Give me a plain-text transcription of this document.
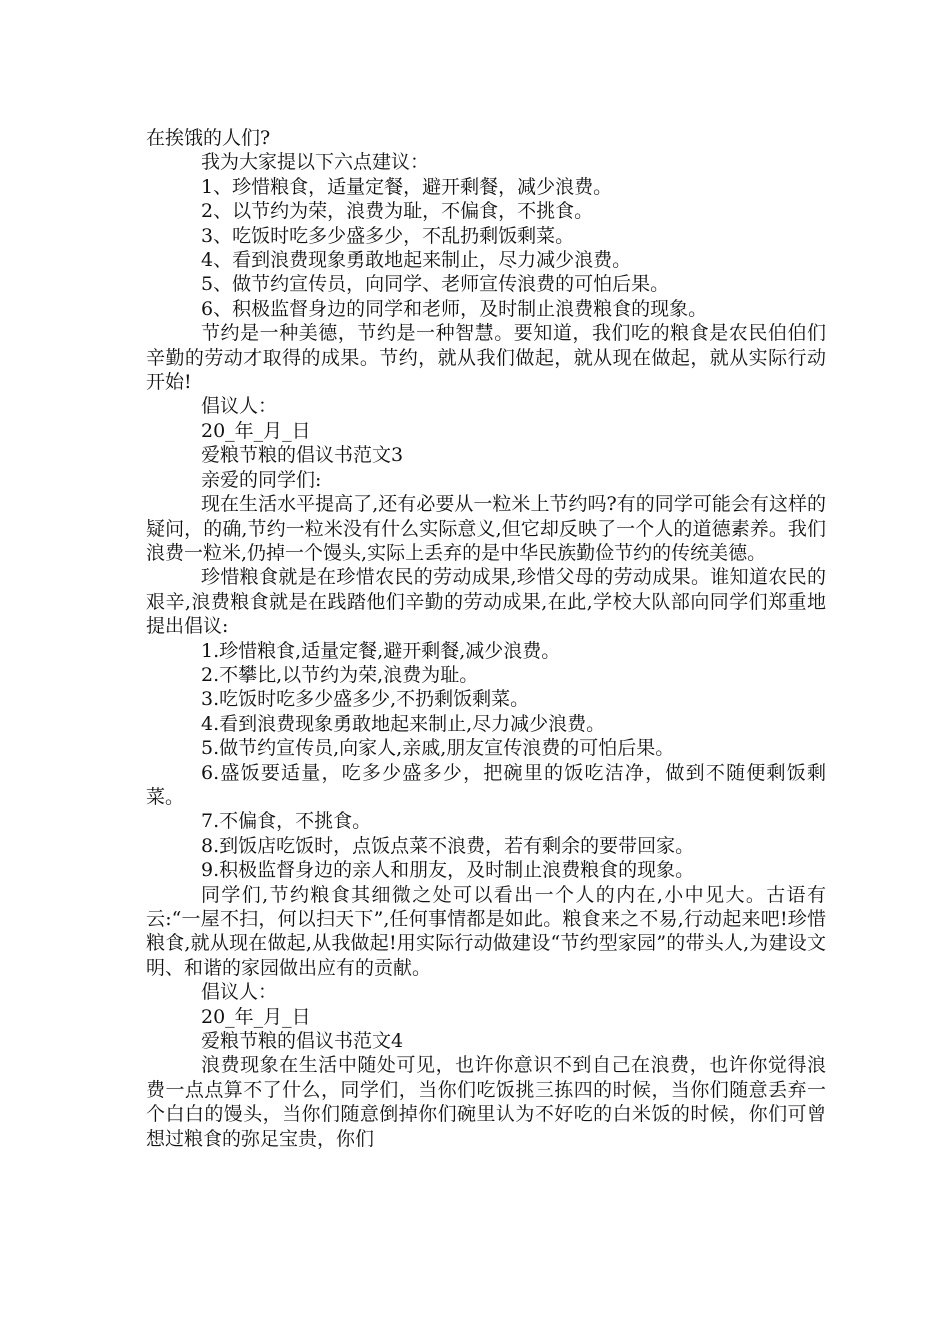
在挨饿的人们?

我为大家提以下六点建议：

1、珍惜粮食，适量定餐，避开剩餐，减少浪费。

2、以节约为荣，浪费为耻，不偏食，不挑食。

3、吃饭时吃多少盛多少，不乱扔剩饭剩菜。

4、看到浪费现象勇敢地起来制止，尽力减少浪费。

5、做节约宣传员，向同学、老师宣传浪费的可怕后果。

6、积极监督身边的同学和老师，及时制止浪费粮食的现象。

节约是一种美德，节约是一种智慧。要知道，我们吃的粮食是农民伯伯们辛勤的劳动才取得的成果。节约，就从我们做起，就从现在做起，就从实际行动开始!

倡议人：

20_年_月_日

爱粮节粮的倡议书范文3

亲爱的同学们:

现在生活水平提高了,还有必要从一粒米上节约吗?有的同学可能会有这样的疑问，的确,节约一粒米没有什么实际意义,但它却反映了一个人的道德素养。我们浪费一粒米,仍掉一个馒头,实际上丢弃的是中华民族勤俭节约的传统美德。

珍惜粮食就是在珍惜农民的劳动成果,珍惜父母的劳动成果。谁知道农民的艰辛,浪费粮食就是在践踏他们辛勤的劳动成果,在此,学校大队部向同学们郑重地提出倡议:

1.珍惜粮食,适量定餐,避开剩餐,减少浪费。

2.不攀比,以节约为荣,浪费为耻。

3.吃饭时吃多少盛多少,不扔剩饭剩菜。

4.看到浪费现象勇敢地起来制止,尽力减少浪费。

5.做节约宣传员,向家人,亲戚,朋友宣传浪费的可怕后果。

6.盛饭要适量，吃多少盛多少，把碗里的饭吃洁净，做到不随便剩饭剩菜。

7.不偏食，不挑食。

8.到饭店吃饭时，点饭点菜不浪费，若有剩余的要带回家。

9.积极监督身边的亲人和朋友，及时制止浪费粮食的现象。

同学们,节约粮食其细微之处可以看出一个人的内在,小中见大。古语有云:“一屋不扫，何以扫天下”,任何事情都是如此。粮食来之不易,行动起来吧!珍惜粮食,就从现在做起,从我做起!用实际行动做建设“节约型家园”的带头人,为建设文明、和谐的家园做出应有的贡献。

倡议人：

20_年_月_日

爱粮节粮的倡议书范文4

浪费现象在生活中随处可见，也许你意识不到自己在浪费，也许你觉得浪费一点点算不了什么，同学们，当你们吃饭挑三拣四的时候，当你们随意丢弃一个白白的馒头，当你们随意倒掉你们碗里认为不好吃的白米饭的时候，你们可曾想过粮食的弥足宝贵，你们
